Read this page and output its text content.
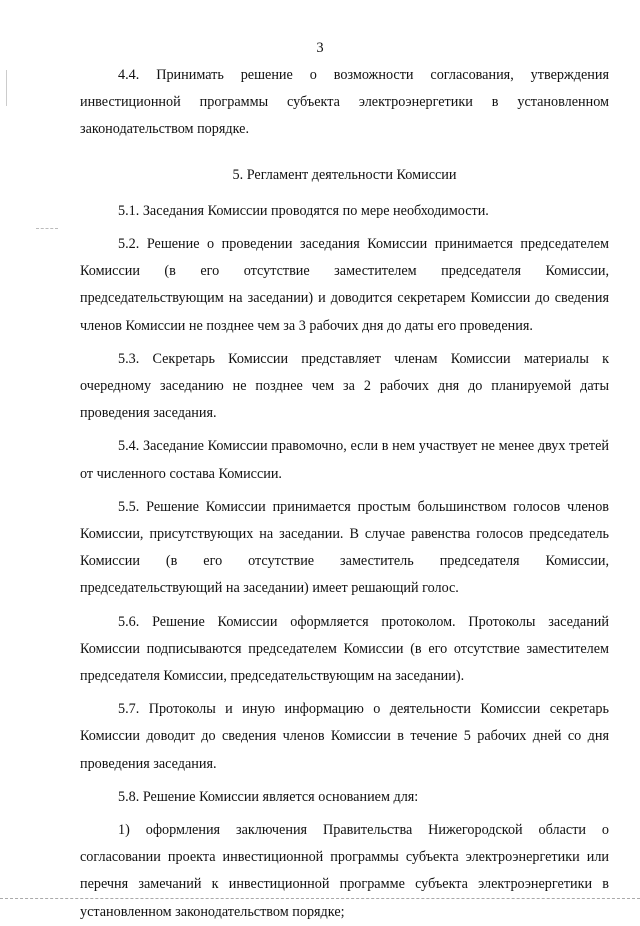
3

4.4. Принимать решение о возможности согласования, утверждения инвестиционной программы субъекта электроэнергетики в установленном законодательством порядке.

5. Регламент деятельности Комиссии

5.1. Заседания Комиссии проводятся по мере необходимости.

5.2. Решение о проведении заседания Комиссии принимается председателем Комиссии (в его отсутствие заместителем председателя Комиссии, председательствующим на заседании) и доводится секретарем Комиссии до сведения членов Комиссии не позднее чем за 3 рабочих дня до даты его проведения.

5.3. Секретарь Комиссии представляет членам Комиссии материалы к очередному заседанию не позднее чем за 2 рабочих дня до планируемой даты проведения заседания.

5.4. Заседание Комиссии правомочно, если в нем участвует не менее двух третей от численного состава Комиссии.

5.5. Решение Комиссии принимается простым большинством голосов членов Комиссии, присутствующих на заседании. В случае равенства голосов председатель Комиссии (в его отсутствие заместитель председателя Комиссии, председательствующий на заседании) имеет решающий голос.

5.6. Решение Комиссии оформляется протоколом. Протоколы заседаний Комиссии подписываются председателем Комиссии (в его отсутствие заместителем председателя Комиссии, председательствующим на заседании).

5.7. Протоколы и иную информацию о деятельности Комиссии секретарь Комиссии доводит до сведения членов Комиссии в течение 5 рабочих дней со дня проведения заседания.

5.8. Решение Комиссии является основанием для:

1) оформления заключения Правительства Нижегородской области о согласовании проекта инвестиционной программы субъекта электроэнергетики или перечня замечаний к инвестиционной программе субъекта электроэнергетики в установленном законодательством порядке;
